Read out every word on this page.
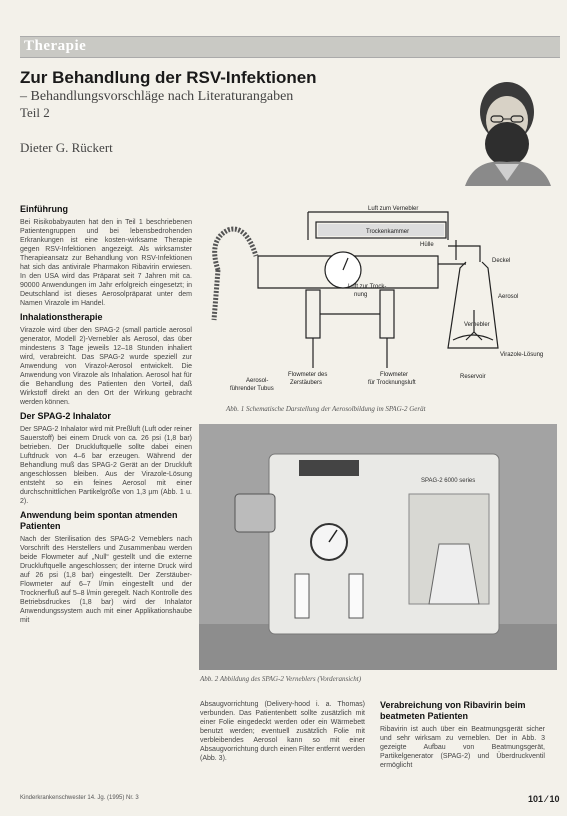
Therapie
Zur Behandlung der RSV-Infektionen
– Behandlungsvorschläge nach Literaturangaben
Teil 2
Dieter G. Rückert
Einführung

Bei Risikobabyauten hat den in Teil 1 beschriebenen Patientengruppen und bei lebensbedrohenden Erkrankungen ist eine kosten-wirksame Therapie gegen RSV-Infektionen angezeigt. Als wirksamster Therapieansatz zur Behandlung von RSV-Infektionen hat sich das antivirale Pharmakon Ribavirin erwiesen. In den USA wird das Präparat seit 7 Jahren mit ca. 90000 Anwendungen im Jahr erfolgreich eingesetzt; in Deutschland ist dieses Aerosolpräparat unter dem Namen Virazole im Handel.

Inhalationstherapie

Virazole wird über den SPAG-2 (small particle aerosol generator, Modell 2)-Vernebler als Aerosol, das über mindestens 3 Tage jeweils 12–18 Stunden inhaliert wird, verabreicht. Das SPAG-2 wurde speziell zur Anwendung von Virazol-Aerosol entwickelt. Die Anwendung von Virazole als Inhalation. Aerosol hat für die Behandlung des Patienten den Vorteil, daß Wirkstoff direkt an den Ort der Wirkung gebracht werden können.

Der SPAG-2 Inhalator

Der SPAG-2 Inhalator wird mit Preßluft (Luft oder reiner Sauerstoff) bei einem Druck von ca. 26 psi (1,8 bar) betrieben. Der Druckluftquelle sollte dabei einen Luftdruck von 4–6 bar erzeugen. Während der Behandlung muß das SPAG-2 Gerät an der Druckluft angeschlossen bleiben. Aus der Virazole-Lösung entsteht so ein feines Aerosol mit einer durchschnittlichen Partikelgröße von 1,3 µm (Abb. 1 u. 2).

Anwendung beim spontan atmenden Patienten

Nach der Sterilisation des SPAG-2 Verneblers nach Vorschrift des Herstellers und Zusammenbau werden beide Flowmeter auf „Null“ gestellt und die externe Druckluftquelle angeschlossen; der interne Druck wird auf 26 psi (1,8 bar) eingestellt. Der Zerstäuber-Flowmeter auf 6–7 l/min eingestellt und der Trocknerfluß auf 5–8 l/min geregelt. Nach Kontrolle des Betriebsdruckes (1,8 bar) wird der Inhalator Anwendungssystem auch mit einer Applikationshaube mit

Luft zum Vernebler
Trockenkammer
Hülle
Deckel
Aerosol
Luft zur Trock-
nung
Vernebler
Virazole-Lösung
Flowmeter des
Zerstäubers
Flowmeter
für Trocknungsluft
Reservoir
Aerosol-
führender Tubus
Abb. 1 Schematische Darstellung der Aerosolbildung im SPAG-2 Gerät
SPAG-2 6000 series
Abb. 2 Abbildung des SPAG-2 Verneblers (Vorderansicht)

Absaugvorrichtung (Delivery-hood i. a. Thomas) verbunden. Das Patientenbett sollte zusätzlich mit einer Folie eingedeckt werden oder ein Wärmebett benutzt werden; eventuell zusätzlich Folie mit verbleibendes Aerosol kann so mit einer Absaugvorrichtung durch einen Filter entfernt werden (Abb. 3).

Verabreichung von Ribavirin beim beatmeten Patienten

Ribavirin ist auch über ein Beatmungsgerät sicher und sehr wirksam zu verneblen. Der in Abb. 3 gezeigte Aufbau von Beatmungsgerät, Partikelgenerator (SPAG-2) und Überdruckventil ermöglicht

Kinderkrankenschwester 14. Jg. (1995) Nr. 3	101 ⁄ 10
